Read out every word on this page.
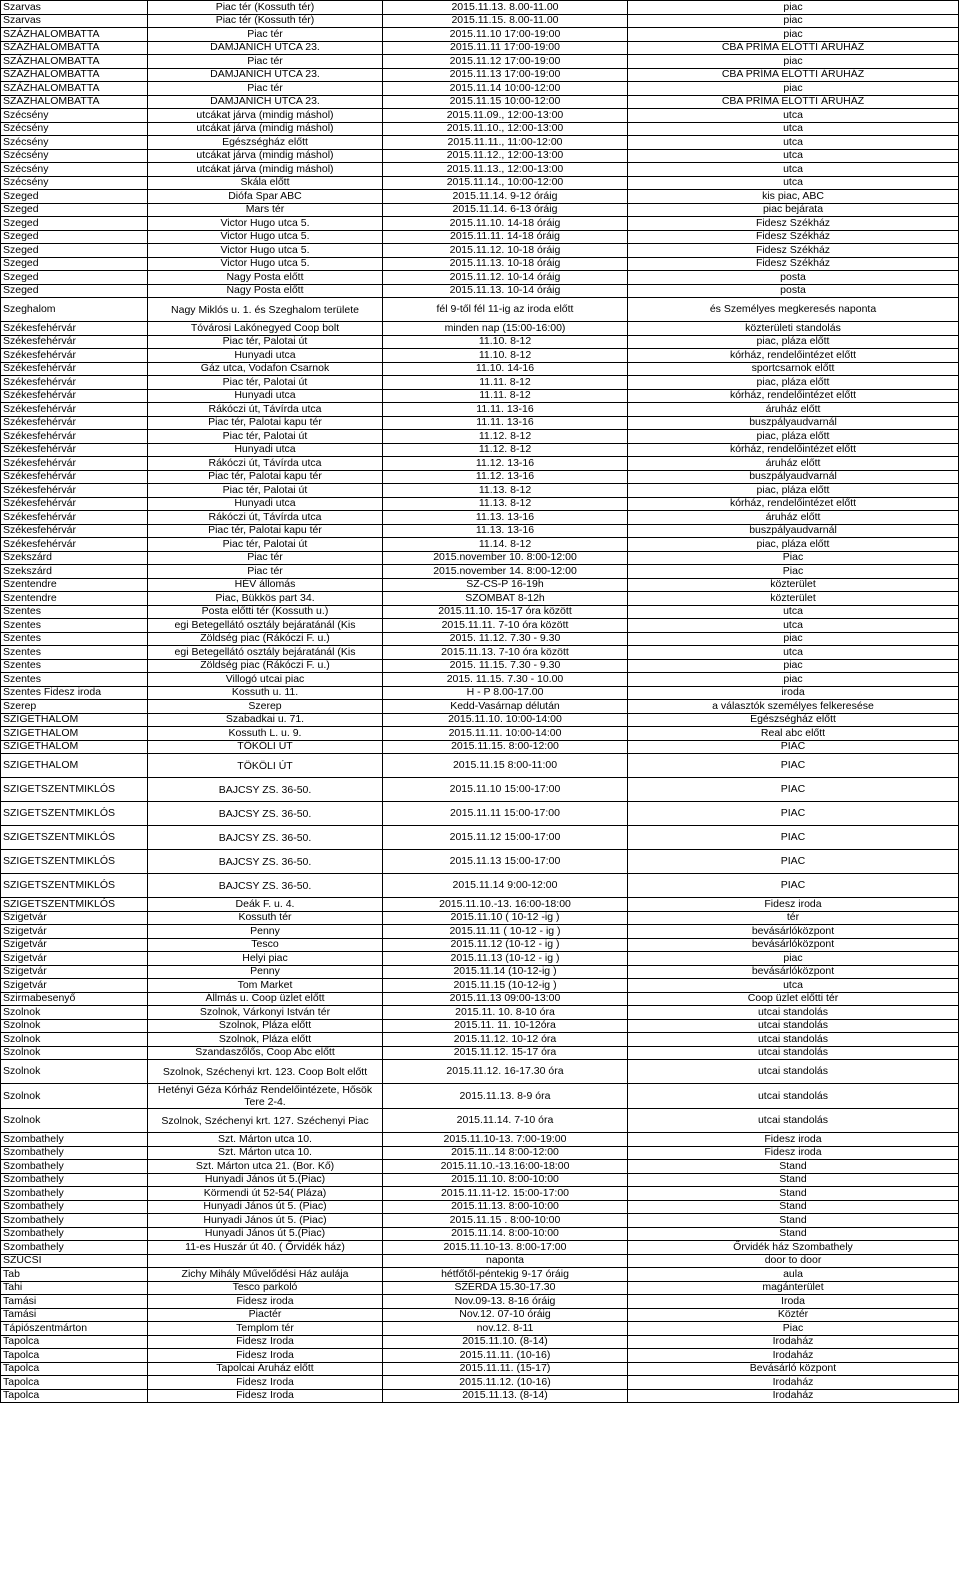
Szarvas	Piac tér (Kossuth tér)	2015.11.13. 8.00-11.00	piac
Szarvas	Piac tér (Kossuth tér)	2015.11.15. 8.00-11.00	piac
SZÁZHALOMBATTA	Piac tér	2015.11.10 17:00-19:00	piac
SZÁZHALOMBATTA	DAMJANICH UTCA 23.	2015.11.11 17:00-19:00	CBA PRÍMA ELŐTTI ÁRUHÁZ
SZÁZHALOMBATTA	Piac tér	2015.11.12 17:00-19:00	piac
SZÁZHALOMBATTA	DAMJANICH UTCA 23.	2015.11.13 17:00-19:00	CBA PRÍMA ELŐTTI ÁRUHÁZ
SZÁZHALOMBATTA	Piac tér	2015.11.14 10:00-12:00	piac
SZÁZHALOMBATTA	DAMJANICH UTCA 23.	2015.11.15 10:00-12:00	CBA PRÍMA ELŐTTI ÁRUHÁZ
Szécsény	utcákat járva (mindig máshol)	2015.11.09., 12:00-13:00	utca
Szécsény	utcákat járva (mindig máshol)	2015.11.10., 12:00-13:00	utca
Szécsény	Egészségház előtt	2015.11.11., 11:00-12:00	utca
Szécsény	utcákat járva (mindig máshol)	2015.11.12., 12:00-13:00	utca
Szécsény	utcákat járva (mindig máshol)	2015.11.13., 12:00-13:00	utca
Szécsény	Skála előtt	2015.11.14., 10:00-12:00	utca
Szeged	Diófa Spar ABC	2015.11.14. 9-12 óráig	kis piac, ABC
Szeged	Mars tér	2015.11.14. 6-13 óráig	piac bejárata
Szeged	Victor Hugo utca 5.	2015.11.10. 14-18 óráig	Fidesz Székház
Szeged	Victor Hugo utca 5.	2015.11.11. 14-18 óráig	Fidesz Székház
Szeged	Victor Hugo utca 5.	2015.11.12. 10-18 óráig	Fidesz Székház
Szeged	Victor Hugo utca 5.	2015.11.13. 10-18 óráig	Fidesz Székház
Szeged	Nagy Posta előtt	2015.11.12. 10-14 óráig	posta
Szeged	Nagy Posta előtt	2015.11.13. 10-14 óráig	posta
Szeghalom	Nagy Miklós u. 1. és Szeghalom területe	fél 9-től fél 11-ig az iroda előtt	és Személyes megkeresés naponta
Székesfehérvár	Tóvárosi Lakónegyed Coop bolt	minden nap (15:00-16:00)	közterületi standolás
Székesfehérvár	Piac tér, Palotai út	11.10. 8-12	piac, pláza előtt
Székesfehérvár	Hunyadi utca	11.10. 8-12	kórház, rendelőintézet előtt
Székesfehérvár	Gáz utca, Vodafon Csarnok	11.10. 14-16	sportcsarnok előtt
Székesfehérvár	Piac tér, Palotai út	11.11. 8-12	piac, pláza előtt
Székesfehérvár	Hunyadi utca	11.11. 8-12	kórház, rendelőintézet előtt
Székesfehérvár	Rákóczi út, Távírda utca	11.11. 13-16	áruház előtt
Székesfehérvár	Piac tér, Palotai kapu tér	11.11. 13-16	buszpályaudvarnál
Székesfehérvár	Piac tér, Palotai út	11.12. 8-12	piac, pláza előtt
Székesfehérvár	Hunyadi utca	11.12. 8-12	kórház, rendelőintézet előtt
Székesfehérvár	Rákóczi út, Távírda utca	11.12. 13-16	áruház előtt
Székesfehérvár	Piac tér, Palotai kapu tér	11.12. 13-16	buszpályaudvarnál
Székesfehérvár	Piac tér, Palotai út	11.13. 8-12	piac, pláza előtt
Székesfehérvár	Hunyadi utca	11.13. 8-12	kórház, rendelőintézet előtt
Székesfehérvár	Rákóczi út, Távírda utca	11.13. 13-16	áruház előtt
Székesfehérvár	Piac tér, Palotai kapu tér	11.13. 13-16	buszpályaudvarnál
Székesfehérvár	Piac tér, Palotai út	11.14. 8-12	piac, pláza előtt
Szekszárd	Piac tér	2015.november 10. 8:00-12:00	Piac
Szekszárd	Piac tér	2015.november 14. 8:00-12:00	Piac
Szentendre	HÉV állomás	SZ-CS-P 16-19h	közterület
Szentendre	Piac, Bükkös part 34.	SZOMBAT 8-12h	közterület
Szentes	Posta előtti tér (Kossuth u.)	2015.11.10. 15-17 óra között	utca
Szentes	egi Betegellátó osztály bejáratánál (Kis	2015.11.11. 7-10 óra között	utca
Szentes	Zöldség piac (Rákóczi F. u.)	2015. 11.12. 7.30 - 9.30	piac
Szentes	egi Betegellátó osztály bejáratánál (Kis	2015.11.13. 7-10 óra között	utca
Szentes	Zöldség piac (Rákóczi F. u.)	2015. 11.15. 7.30 - 9.30	piac
Szentes	Villogó utcai piac	2015. 11.15. 7.30 - 10.00	piac
Szentes Fidesz iroda	Kossuth u. 11.	H - P 8.00-17.00	iroda
Szerep	Szerep	Kedd-Vasárnap délután	a választók személyes felkeresése
SZIGETHALOM	Szabadkai u. 71.	2015.11.10. 10:00-14:00	Egészségház előtt
SZIGETHALOM	Kossuth L. u. 9.	2015.11.11. 10:00-14:00	Real abc előtt
SZIGETHALOM	TÖKÖLI ÚT	2015.11.15. 8:00-12:00	PIAC
SZIGETHALOM	TÖKÖLI ÚT	2015.11.15 8:00-11:00	PIAC
SZIGETSZENTMIKLÓS	BAJCSY ZS. 36-50.	2015.11.10 15:00-17:00	PIAC
SZIGETSZENTMIKLÓS	BAJCSY ZS. 36-50.	2015.11.11 15:00-17:00	PIAC
SZIGETSZENTMIKLÓS	BAJCSY ZS. 36-50.	2015.11.12 15:00-17:00	PIAC
SZIGETSZENTMIKLÓS	BAJCSY ZS. 36-50.	2015.11.13 15:00-17:00	PIAC
SZIGETSZENTMIKLÓS	BAJCSY ZS. 36-50.	2015.11.14 9:00-12:00	PIAC
SZIGETSZENTMIKLÓS	Deák F. u. 4.	2015.11.10.-13. 16:00-18:00	Fidesz iroda
Szigetvár	Kossuth tér	2015.11.10 ( 10-12 -ig )	tér
Szigetvár	Penny	2015.11.11 ( 10-12 - ig )	bevásárlóközpont
Szigetvár	Tesco	2015.11.12 (10-12 - ig )	bevásárlóközpont
Szigetvár	Helyi piac	2015.11.13 (10-12 - ig )	piac
Szigetvár	Penny	2015.11.14 (10-12-ig )	bevásárlóközpont
Szigetvár	Tom Market	2015.11.15 (10-12-ig )	utca
Szirmabesenyő	Állmás u. Coop üzlet előtt	2015.11.13 09:00-13:00	Coop üzlet előtti tér
Szolnok	Szolnok, Várkonyi István tér	2015.11. 10. 8-10 óra	utcai standolás
Szolnok	Szolnok, Pláza előtt	2015.11. 11. 10-12óra	utcai standolás
Szolnok	Szolnok, Pláza előtt	2015.11.12. 10-12 óra	utcai standolás
Szolnok	Szandaszőlős, Coop Abc előtt	2015.11.12. 15-17 óra	utcai standolás
Szolnok	Szolnok, Széchenyi krt. 123. Coop Bolt előtt	2015.11.12. 16-17.30 óra	utcai standolás
Szolnok	Hetényi Géza Kórház Rendelőintézete, Hősök Tere 2-4.	2015.11.13. 8-9 óra	utcai standolás
Szolnok	Szolnok, Széchenyi krt. 127. Széchenyi Piac	2015.11.14. 7-10 óra	utcai standolás
Szombathely	Szt. Márton utca 10.	2015.11.10-13. 7:00-19:00	Fidesz iroda
Szombathely	Szt. Márton utca 10.	2015.11..14 8:00-12:00	Fidesz iroda
Szombathely	Szt. Márton utca 21. (Bor. Kő)	2015.11.10.-13.16:00-18:00	Stand
Szombathely	Hunyadi János út 5.(Piac)	2015.11.10. 8:00-10:00	Stand
Szombathely	Körmendi út 52-54( Pláza)	2015.11.11-12. 15:00-17:00	Stand
Szombathely	Hunyadi János út 5. (Piac)	2015.11.13. 8:00-10:00	Stand
Szombathely	Hunyadi János út 5. (Piac)	2015.11.15 . 8:00-10:00	Stand
Szombathely	Hunyadi János út 5.(Piac)	2015.11.14. 8:00-10:00	Stand
Szombathely	11-es Huszár út 40. ( Őrvidék ház)	2015.11.10-13. 8:00-17:00	Őrvidék ház Szombathely
SZŰCSI		naponta	door to door
Tab	Zichy Mihály Művelődési Ház aulája	hétfőtől-péntekig 9-17 óráig	aula
Tahi	Tesco parkoló	SZERDA 15.30-17.30	magánterület
Tamási	Fidesz iroda	Nov.09-13. 8-16 óráig	Iroda
Tamási	Piactér	Nov.12. 07-10 óráig	Köztér
Tápiószentmárton	Templom tér	nov.12. 8-11	Piac
Tapolca	Fidesz Iroda	2015.11.10. (8-14)	Irodaház
Tapolca	Fidesz Iroda	2015.11.11. (10-16)	Irodaház
Tapolca	Tapolcai Áruház előtt	2015.11.11. (15-17)	Bevásárló központ
Tapolca	Fidesz Iroda	2015.11.12. (10-16)	Irodaház
Tapolca	Fidesz Iroda	2015.11.13. (8-14)	Irodaház
